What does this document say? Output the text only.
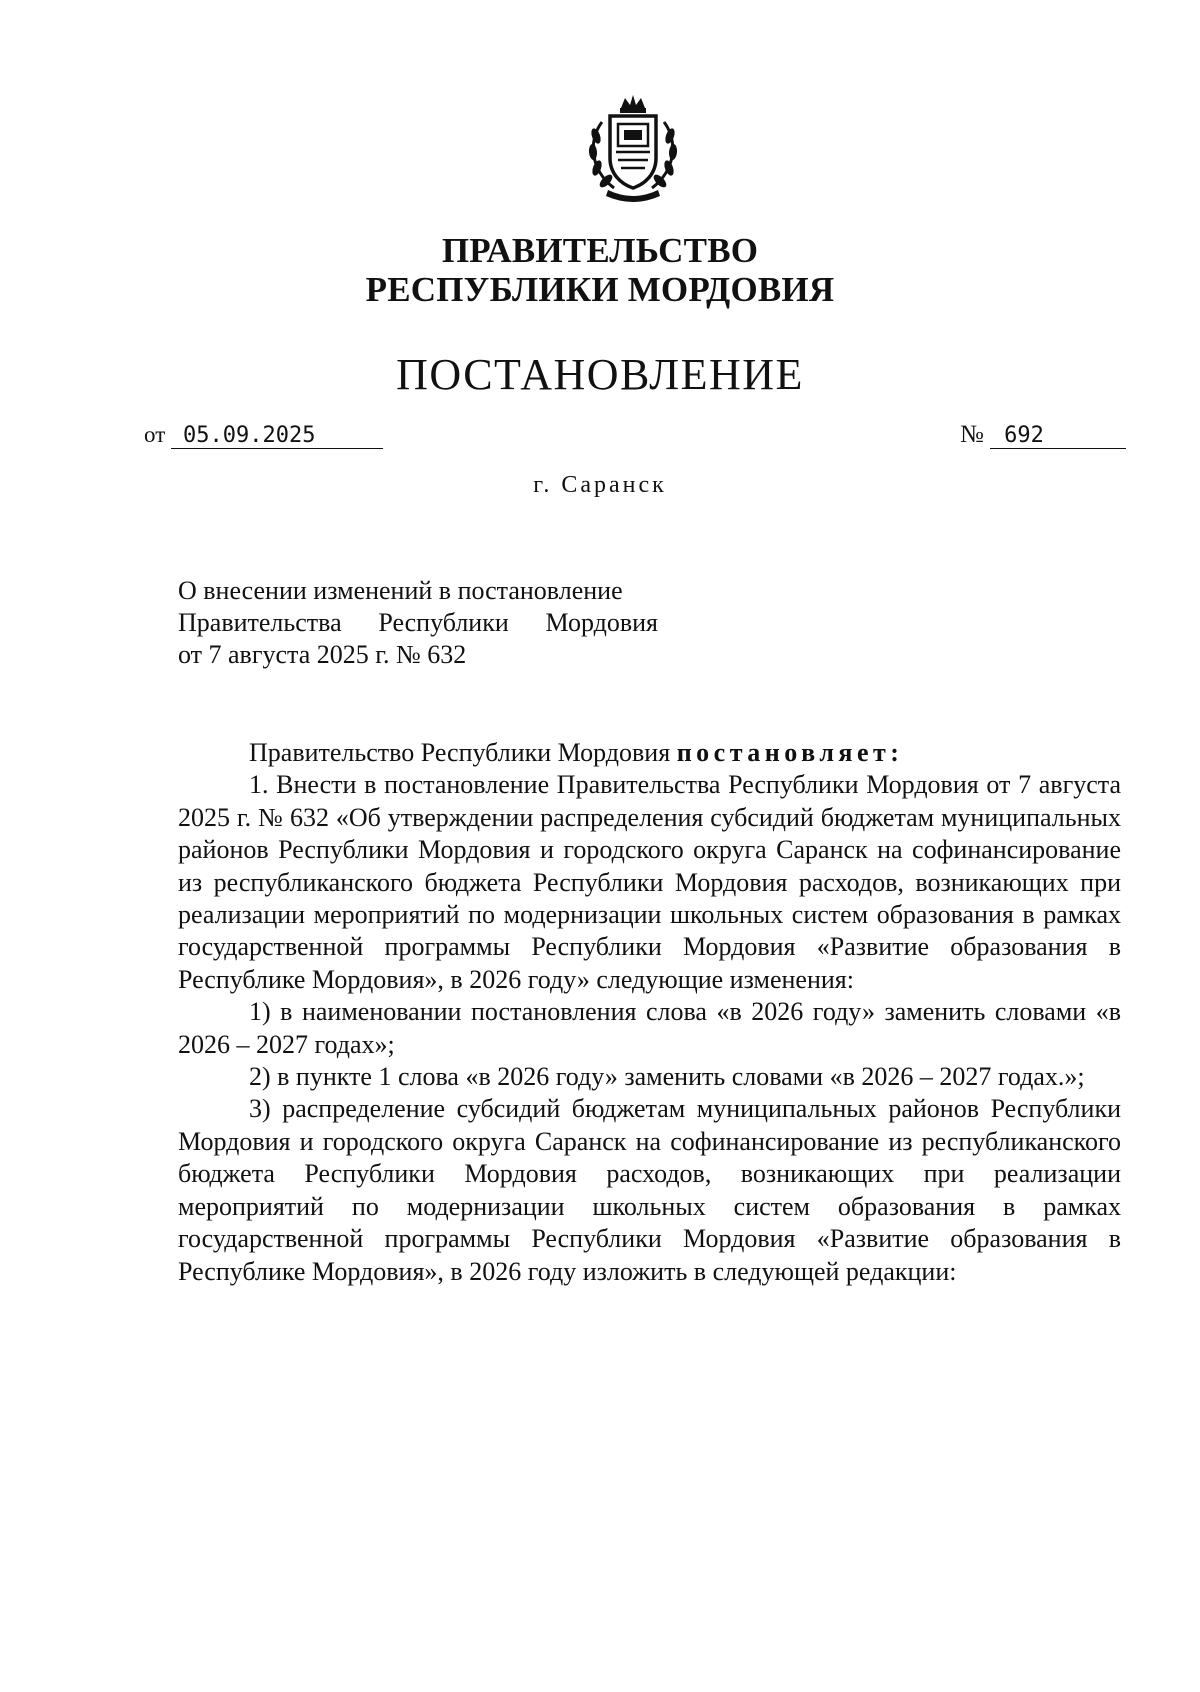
ПРАВИТЕЛЬСТВО
РЕСПУБЛИКИ МОРДОВИЯ
ПОСТАНОВЛЕНИЕ
от 05.09.2025	№ 692
г. Саранск
О внесении изменений в постановление
Правительства Республики Мордовия
от 7 августа 2025 г. № 632

Правительство Республики Мордовия постановляет:

1. Внести в постановление Правительства Республики Мордовия от 7 августа 2025 г. № 632 «Об утверждении распределения субсидий бюджетам муниципальных районов Республики Мордовия и городского округа Саранск на софинансирование из республиканского бюджета Республики Мордовия расходов, возникающих при реализации мероприятий по модернизации школьных систем образования в рамках государственной программы Республики Мордовия «Развитие образования в Республике Мордовия», в 2026 году» следующие изменения:

1) в наименовании постановления слова «в 2026 году» заменить словами «в 2026 – 2027 годах»;

2) в пункте 1 слова «в 2026 году» заменить словами «в 2026 – 2027 годах.»;

3) распределение субсидий бюджетам муниципальных районов Республики Мордовия и городского округа Саранск на софинансирование из республиканского бюджета Республики Мордовия расходов, возникающих при реализации мероприятий по модернизации школьных систем образования в рамках государственной программы Республики Мордовия «Развитие образования в Республике Мордовия», в 2026 году изложить в следующей редакции:
